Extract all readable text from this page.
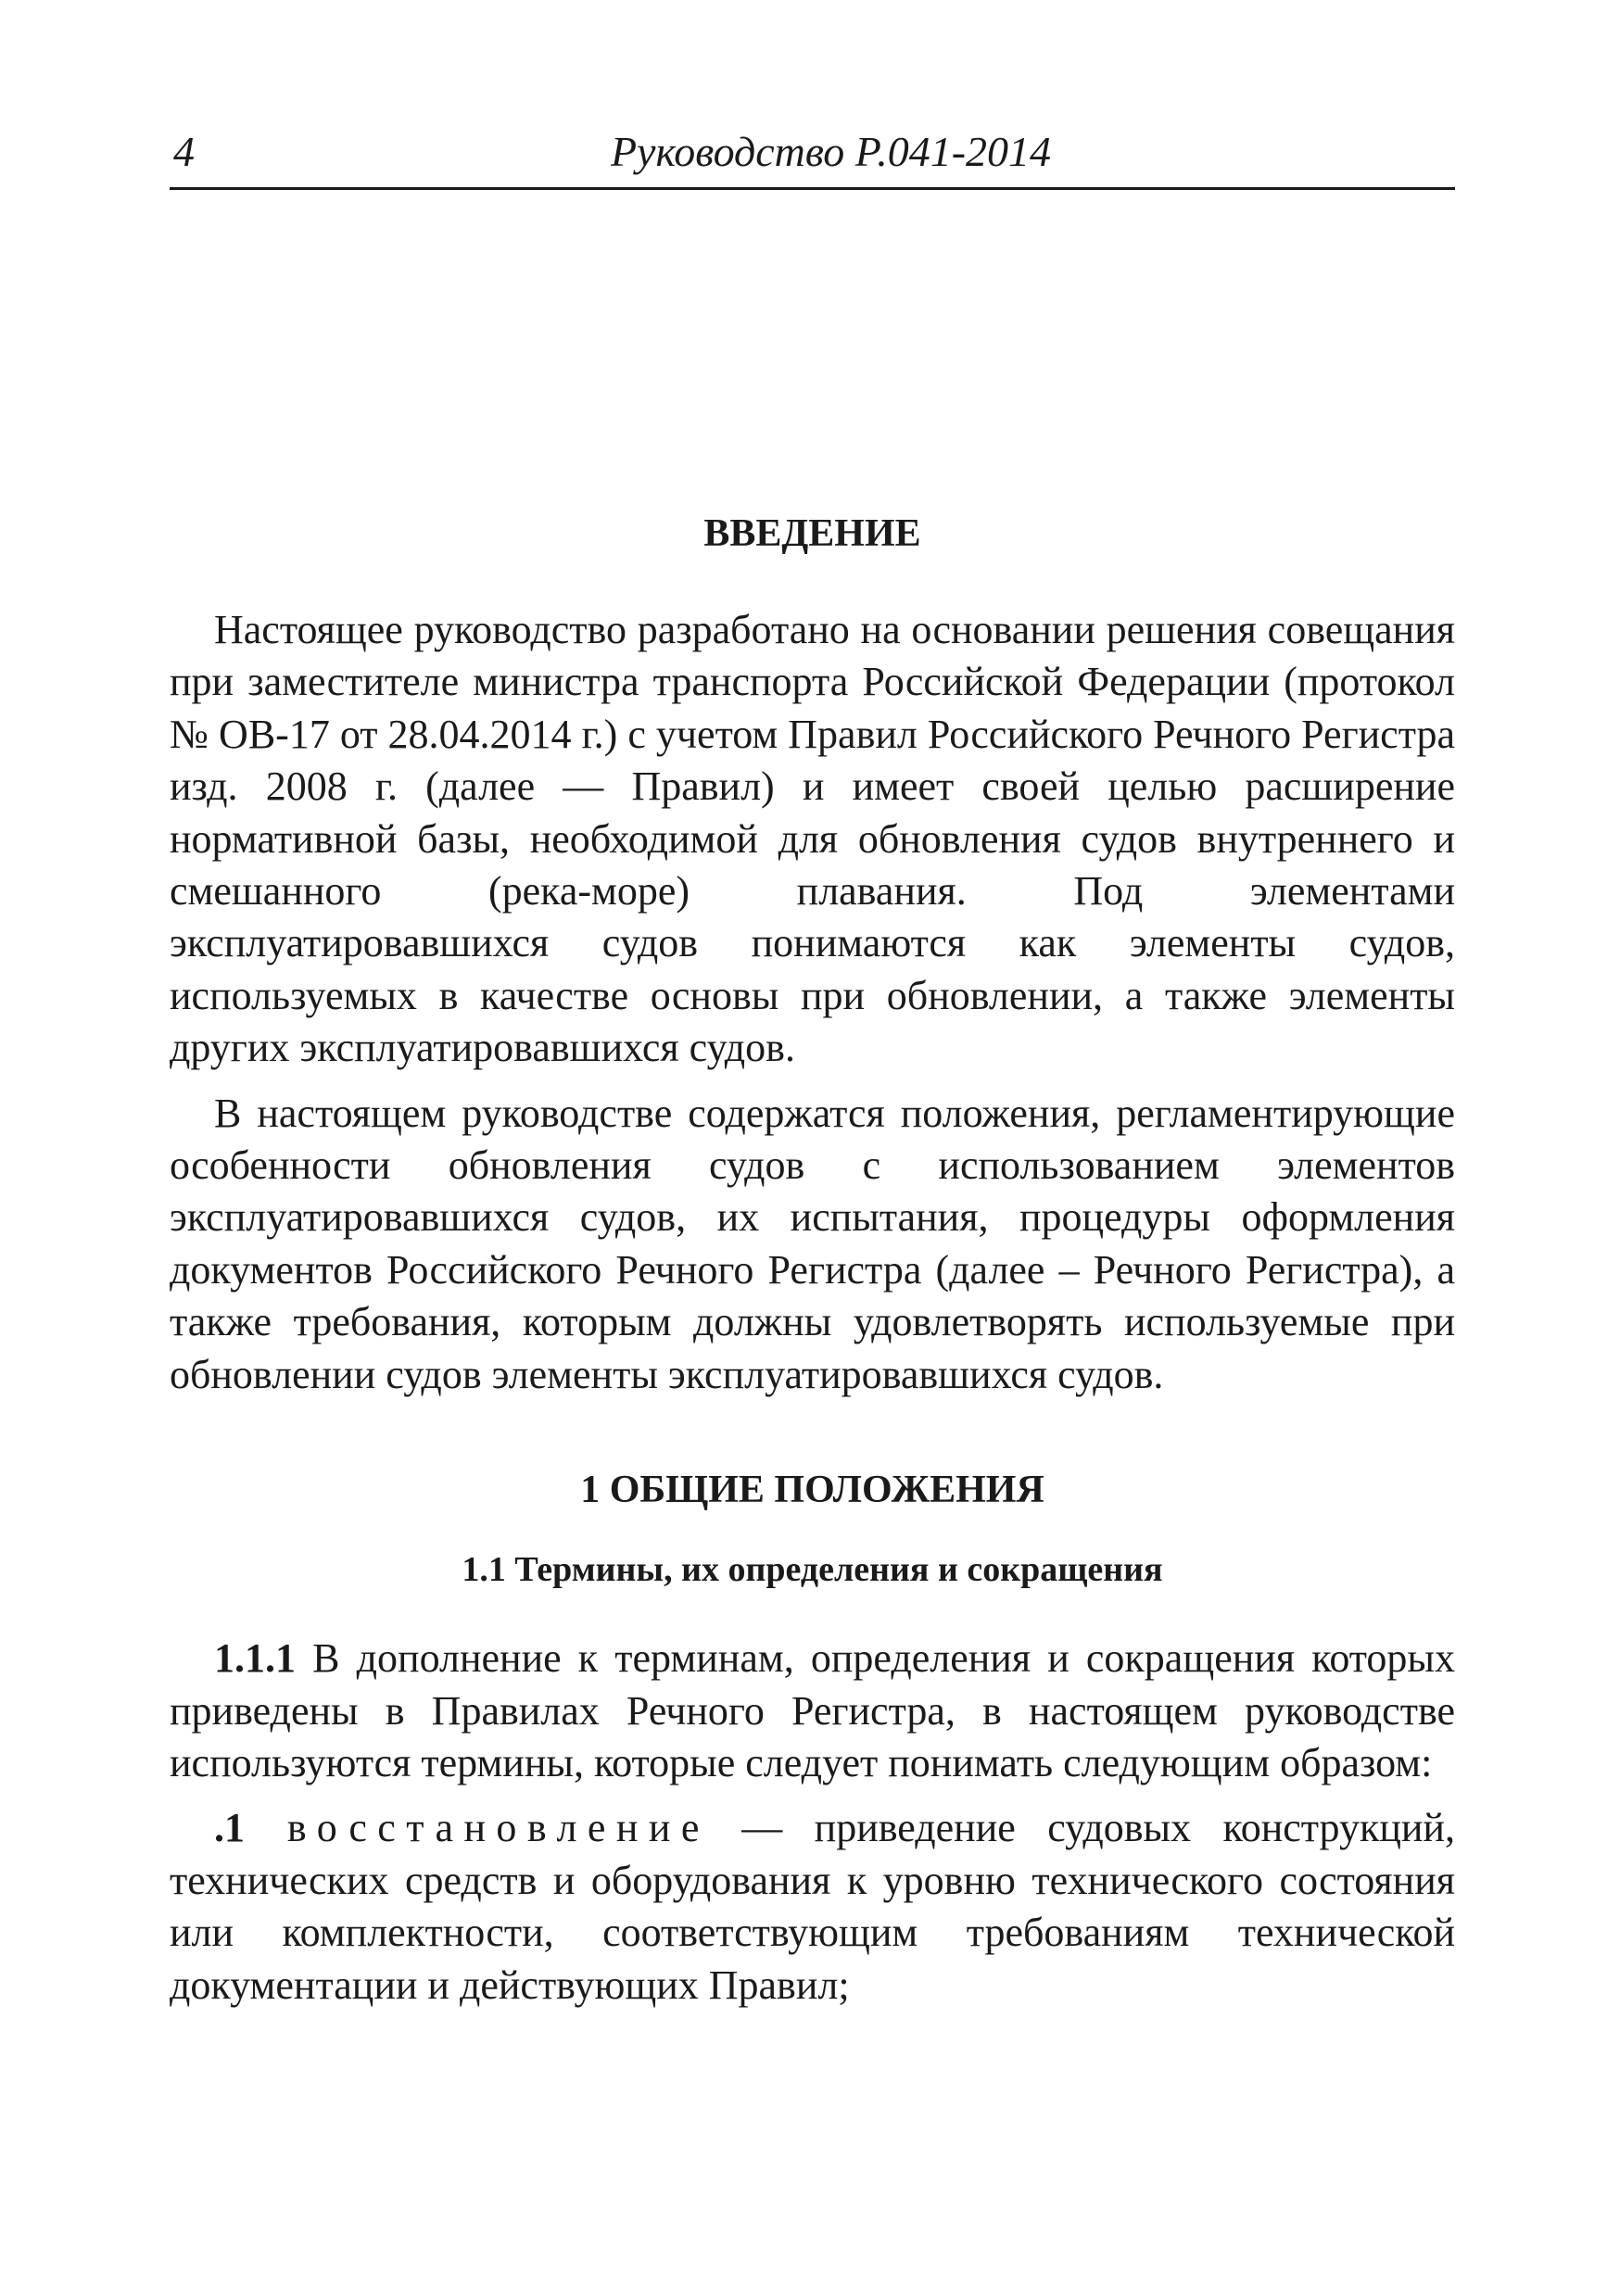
4	Руководство Р.041-2014
ВВЕДЕНИЕ

Настоящее руководство разработано на основании решения совещания при заместителе министра транспорта Российской Федерации (протокол № ОВ-17 от 28.04.2014 г.) с учетом Правил Российского Речного Регистра изд. 2008 г. (далее — Правил) и имеет своей целью расширение нормативной базы, необходимой для обновления судов внутреннего и смешанного (река-море) плавания. Под элементами эксплуатировавшихся судов понимаются как элементы судов, используемых в качестве основы при обновлении, а также элементы других эксплуатировавшихся судов.

В настоящем руководстве содержатся положения, регламентирующие особенности обновления судов с использованием элементов эксплуатировавшихся судов, их испытания, процедуры оформления документов Российского Речного Регистра (далее – Речного Регистра), а также требования, которым должны удовлетворять используемые при обновлении судов элементы эксплуатировавшихся судов.

1 ОБЩИЕ ПОЛОЖЕНИЯ
1.1 Термины, их определения и сокращения

1.1.1 В дополнение к терминам, определения и сокращения которых приведены в Правилах Речного Регистра, в настоящем руководстве используются термины, которые следует понимать следующим образом:

.1 восстановление — приведение судовых конструкций, технических средств и оборудования к уровню технического состояния или комплектности, соответствующим требованиям технической документации и действующих Правил;
